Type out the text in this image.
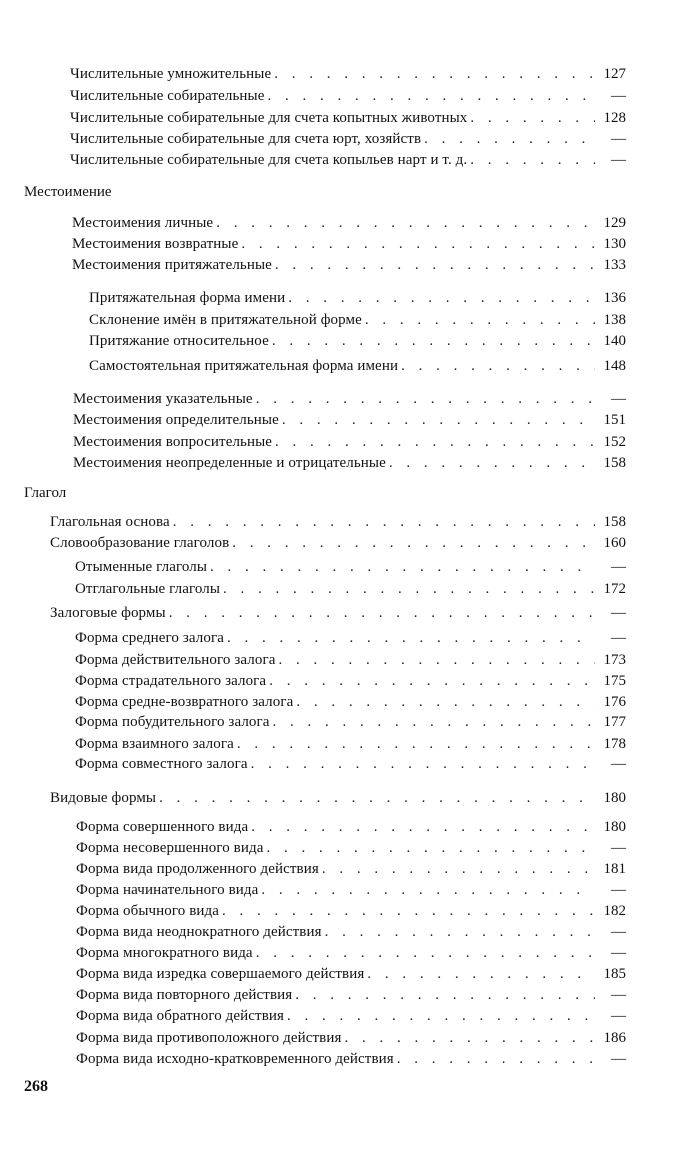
Числительные умножительные . . .	127
Числительные собирательные . . .	—
Числительные собирательные для счета копытных животных . . .	128
Числительные собирательные для счета юрт, хозяйств . . .	—
Числительные собирательные для счета копыльев нарт и т. д. . . .	—
Местоимение
Местоимения личные . . .	129
Местоимения возвратные . . .	130
Местоимения притяжательные . . .	133
Притяжательная форма имени . . .	136
Склонение имён в притяжательной форме . . .	138
Притяжание относительное . . .	140
Самостоятельная притяжательная форма имени . . .	148
Местоимения указательные . . .	—
Местоимения определительные . . .	151
Местоимения вопросительные . . .	152
Местоимения неопределенные и отрицательные . . .	158
Глагол
Глагольная основа . . .	158
Словообразование глаголов . . .	160
Отыменные глаголы . . .	—
Отглагольные глаголы . . .	172
Залоговые формы . . .	—
Форма среднего залога . . .	—
Форма действительного залога . . .	173
Форма страдательного залога . . .	175
Форма средне-возвратного залога . . .	176
Форма побудительного залога . . .	177
Форма взаимного залога . . .	178
Форма совместного залога . . .	—
Видовые формы . . .	180
Форма совершенного вида . . .	180
Форма несовершенного вида . . .	—
Форма вида продолженного действия . . .	181
Форма начинательного вида . . .	—
Форма обычного вида . . .	182
Форма вида неоднократного действия . . .	—
Форма многократного вида . . .	—
Форма вида изредка совершаемого действия . . .	185
Форма вида повторного действия . . .	—
Форма вида обратного действия . . .	—
Форма вида противоположного действия . . .	186
Форма вида исходно-кратковременного действия . . .	—
268
